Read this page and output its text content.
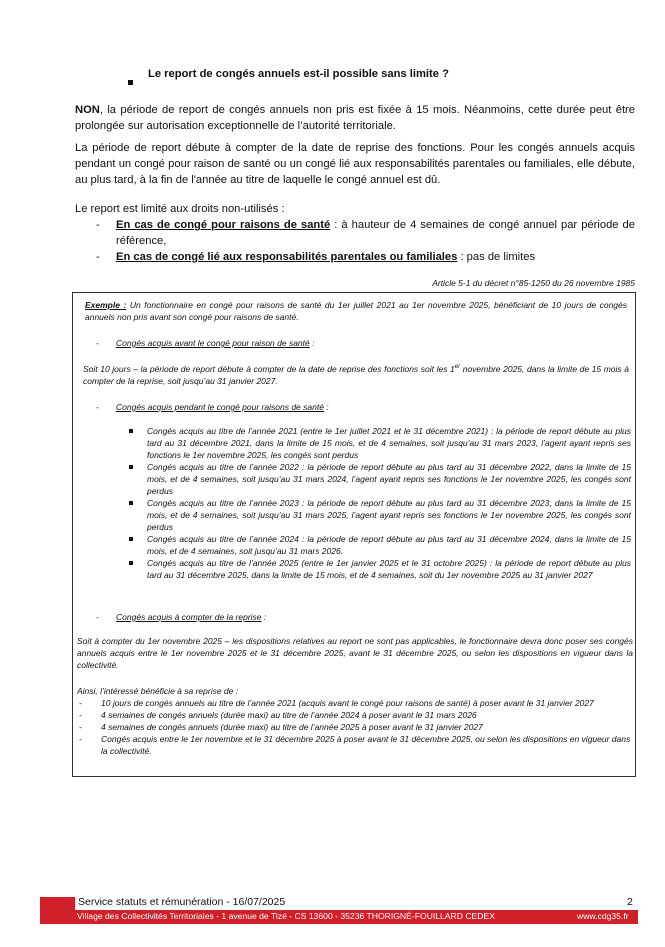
Le report de congés annuels est-il possible sans limite ?
NON, la période de report de congés annuels non pris est fixée à 15 mois. Néanmoins, cette durée peut être prolongée sur autorisation exceptionnelle de l’autorité territoriale.
La période de report débute à compter de la date de reprise des fonctions. Pour les congés annuels acquis pendant un congé pour raison de santé ou un congé lié aux responsabilités parentales ou familiales, elle débute, au plus tard, à la fin de l'année au titre de laquelle le congé annuel est dû.
Le report est limité aux droits non-utilisés :
- En cas de congé pour raisons de santé : à hauteur de 4 semaines de congé annuel par période de référence,
- En cas de congé lié aux responsabilités parentales ou familiales : pas de limites
Article 5-1 du décret n°85-1250 du 26 novembre 1985
Exemple : Un fonctionnaire en congé pour raisons de santé du 1er juillet 2021 au 1er novembre 2025, bénéficiant de 10 jours de congés annuels non pris avant son congé pour raisons de santé.
- Congés acquis avant le congé pour raison de santé :
Soit 10 jours – la période de report débute à compter de la date de reprise des fonctions soit les 1er novembre 2025, dans la limite de 15 mois à compter de la reprise, soit jusqu’au 31 janvier 2027.
- Congés acquis pendant le congé pour raisons de santé :
Congés acquis au titre de l’année 2021 (entre le 1er juillet 2021 et le 31 décembre 2021) : la période de report débute au plus tard au 31 décembre 2021, dans la limite de 15 mois, et de 4 semaines, soit jusqu’au 31 mars 2023, l’agent ayant repris ses fonctions le 1er novembre 2025, les congés sont perdus
Congés acquis au titre de l’année 2022 : la période de report débute au plus tard au 31 décembre 2022, dans la limite de 15 mois, et de 4 semaines, soit jusqu’au 31 mars 2024, l’agent ayant repris ses fonctions le 1er novembre 2025, les congés sont perdus
Congés acquis au titre de l’année 2023 : la période de report débute au plus tard au 31 décembre 2023, dans la limite de 15 mois, et de 4 semaines, soit jusqu’au 31 mars 2025, l’agent ayant repris ses fonctions le 1er novembre 2025, les congés sont perdus
Congés acquis au titre de l’année 2024 : la période de report débute au plus tard au 31 décembre 2024, dans la limite de 15 mois, et de 4 semaines, soit jusqu’au 31 mars 2026.
Congés acquis au titre de l’année 2025 (entre le 1er janvier 2025 et le 31 octobre 2025) : la période de report débute au plus tard au 31 décembre 2025, dans la limite de 15 mois, et de 4 semaines, soit du 1er novembre 2025 au 31 janvier 2027
- Congés acquis à compter de la reprise :
Soit à compter du 1er novembre 2025 – les dispositions relatives au report ne sont pas applicables, le fonctionnaire devra donc poser ses congés annuels acquis entre le 1er novembre 2025 et le 31 décembre 2025, avant le 31 décembre 2025, ou selon les dispositions en vigueur dans la collectivité.
Ainsi, l’intéressé bénéficie à sa reprise de :
- 10 jours de congés annuels au titre de l’année 2021 (acquis avant le congé pour raisons de santé) à poser avant le 31 janvier 2027
- 4 semaines de congés annuels (durée maxi) au titre de l’année 2024 à poser avant le 31 mars 2026
- 4 semaines de congés annuels (durée maxi) au titre de l’année 2025 à poser avant le 31 janvier 2027
- Congés acquis entre le 1er novembre et le 31 décembre 2025 à poser avant le 31 décembre 2025, ou selon les dispositions en vigueur dans la collectivité.
Service statuts et rémunération - 16/07/2025	2
Village des Collectivités Territoriales - 1 avenue de Tizé - CS 13600 - 35236 THORIGNÉ-FOUILLARD CEDEX	www.cdg35.fr
